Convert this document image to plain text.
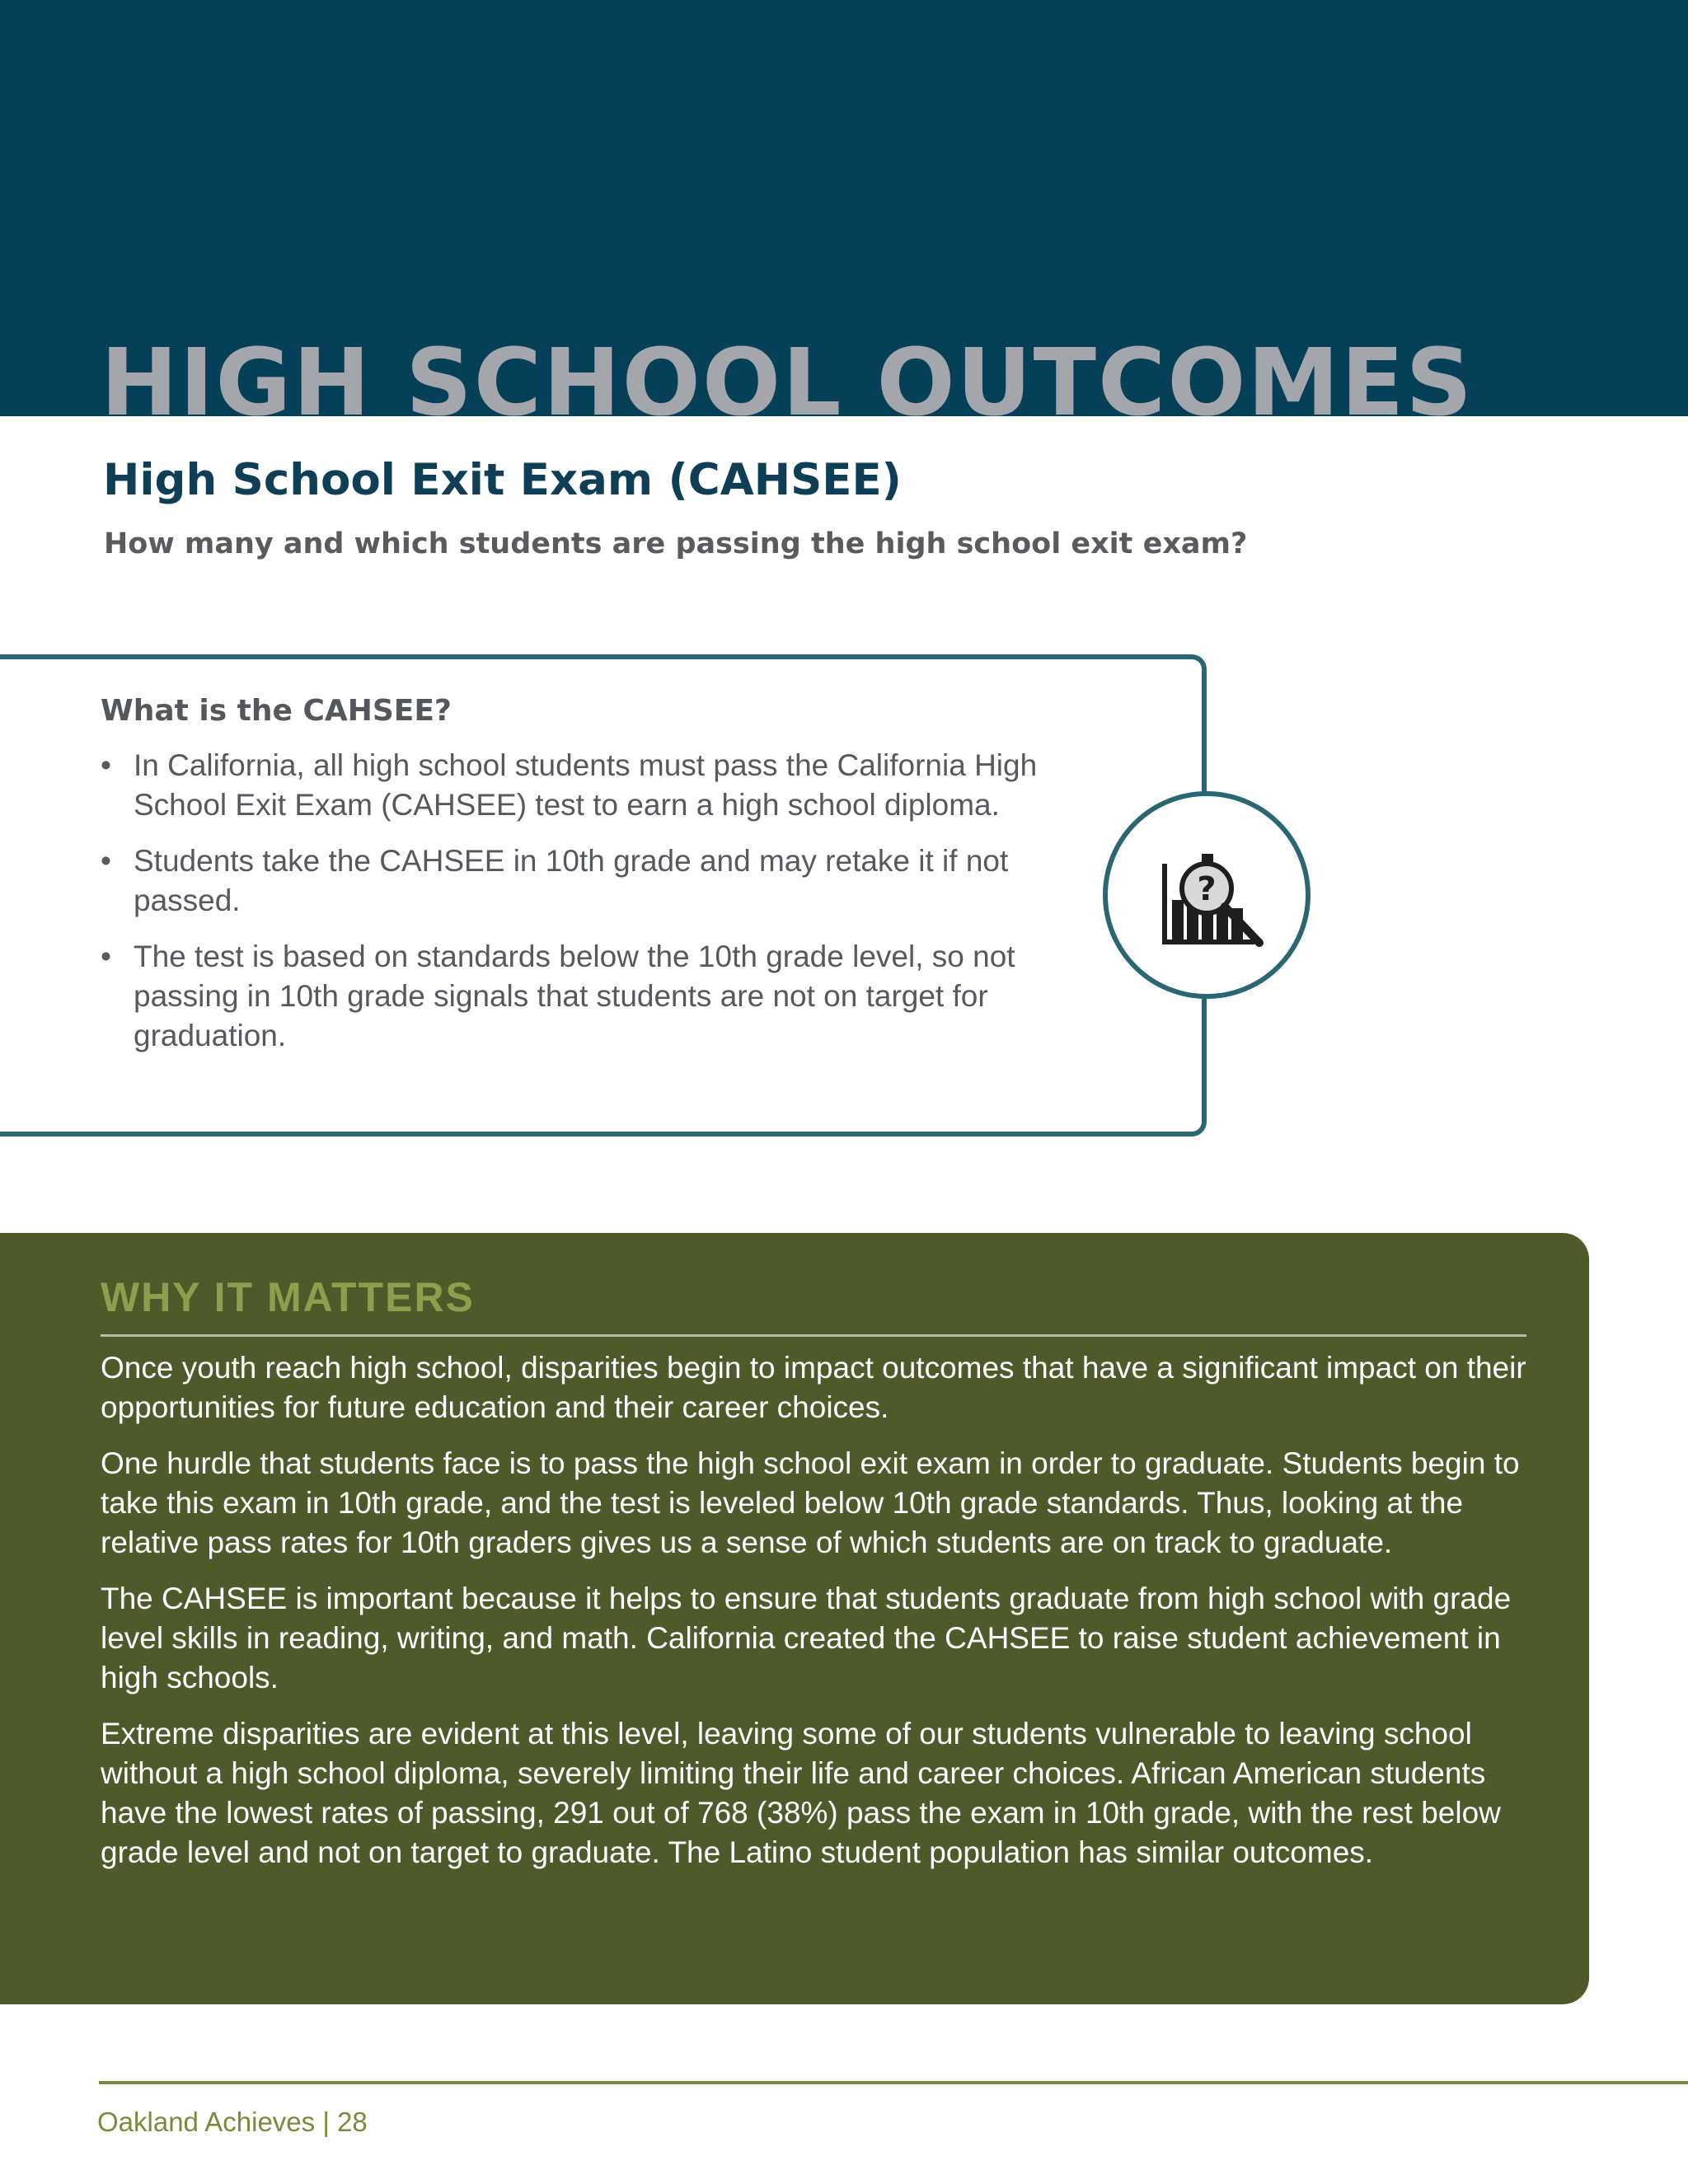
HIGH SCHOOL OUTCOMES
High School Exit Exam (CAHSEE)

How many and which students are passing the high school exit exam?

What is the CAHSEE?
• In California, all high school students must pass the California High School Exit Exam (CAHSEE) test to earn a high school diploma.
• Students take the CAHSEE in 10th grade and may retake it if not passed.
• The test is based on standards below the 10th grade level, so not passing in 10th grade signals that students are not on target for graduation.
?
WHY IT MATTERS

Once youth reach high school, disparities begin to impact outcomes that have a significant impact on their opportunities for future education and their career choices.

One hurdle that students face is to pass the high school exit exam in order to graduate. Students begin to take this exam in 10th grade, and the test is leveled below 10th grade standards. Thus, looking at the relative pass rates for 10th graders gives us a sense of which students are on track to graduate.

The CAHSEE is important because it helps to ensure that students graduate from high school with grade level skills in reading, writing, and math. California created the CAHSEE to raise student achievement in high schools.

Extreme disparities are evident at this level, leaving some of our students vulnerable to leaving school without a high school diploma, severely limiting their life and career choices. African American students have the lowest rates of passing, 291 out of 768 (38%) pass the exam in 10th grade, with the rest below grade level and not on target to graduate. The Latino student population has similar outcomes.

Oakland Achieves | 28
